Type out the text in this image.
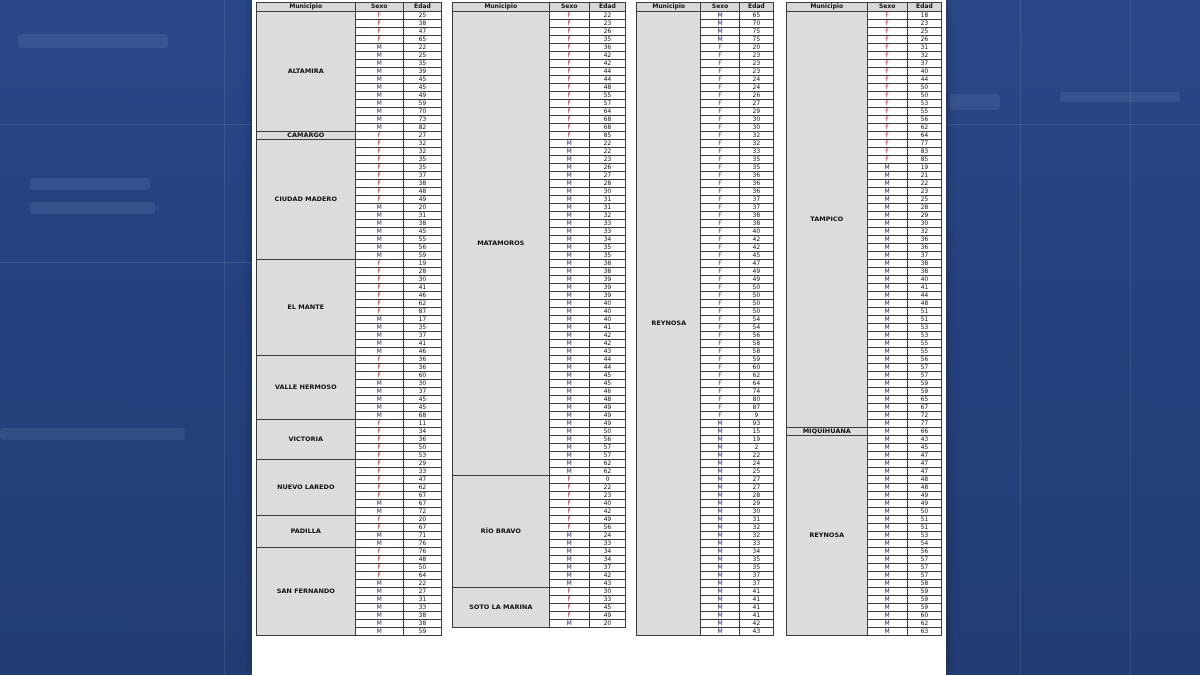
Municipio	Sexo	Edad
ALTAMIRA	F	25
	F	38
	F	47
	F	65
	M	22
	M	25
	M	35
	M	39
	M	45
	M	45
	M	49
	M	59
	M	70
	M	73
	M	82
CAMARGO	F	27
CIUDAD MADERO	F	32
	F	32
	F	35
	F	35
	F	37
	F	38
	F	48
	F	49
	M	20
	M	31
	M	38
	M	45
	M	55
	M	56
	M	59
EL MANTE	F	19
	F	28
	F	30
	F	41
	F	46
	F	62
	F	87
	M	17
	M	35
	M	37
	M	41
	M	46
VALLE HERMOSO	F	36
	F	36
	F	60
	M	30
	M	37
	M	45
	M	45
	M	68
VICTORIA	F	11
	F	34
	F	36
	F	50
	F	53
NUEVO LAREDO	F	29
	F	33
	F	47
	F	62
	F	67
	M	67
	M	72
PADILLA	F	20
	F	67
	M	71
	M	76
SAN FERNANDO	F	76
	F	48
	F	50
	F	64
	M	22
	M	27
	M	31
	M	33
	M	38
	M	38
	M	59
Municipio	Sexo	Edad
MATAMOROS	F	22
	F	23
	F	26
	F	35
	F	36
	F	42
	F	42
	F	44
	F	44
	F	48
	F	55
	F	57
	F	64
	F	68
	F	68
	F	85
	M	22
	M	22
	M	23
	M	26
	M	27
	M	28
	M	30
	M	31
	M	31
	M	32
	M	33
	M	33
	M	34
	M	35
	M	35
	M	38
	M	38
	M	39
	M	39
	M	39
	M	40
	M	40
	M	40
	M	41
	M	42
	M	42
	M	43
	M	44
	M	44
	M	45
	M	45
	M	46
	M	48
	M	49
	M	49
	M	49
	M	50
	M	56
	M	57
	M	57
	M	62
	M	62
RÍO BRAVO	F	0
	F	22
	F	23
	F	40
	F	42
	F	49
	F	56
	M	24
	M	33
	M	34
	M	34
	M	37
	M	42
	M	43
SOTO LA MARINA	F	30
	F	33
	F	45
	F	49
	M	20
Municipio	Sexo	Edad
REYNOSA	M	65
	M	70
	M	75
	M	75
	F	20
	F	23
	F	23
	F	23
	F	24
	F	24
	F	26
	F	27
	F	29
	F	30
	F	30
	F	32
	F	32
	F	33
	F	35
	F	35
	F	36
	F	36
	F	36
	F	37
	F	37
	F	38
	F	38
	F	40
	F	42
	F	42
	F	45
	F	47
	F	49
	F	49
	F	50
	F	50
	F	50
	F	50
	F	54
	F	54
	F	56
	F	58
	F	58
	F	59
	F	60
	F	62
	F	64
	F	74
	F	80
	F	87
	F	9
	M	93
	M	15
	M	19
	M	2
	M	22
	M	24
	M	25
	M	27
	M	27
	M	28
	M	29
	M	30
	M	31
	M	32
	M	32
	M	33
	M	34
	M	35
	M	35
	M	37
	M	37
	M	41
	M	41
	M	41
	M	41
	M	42
	M	43
Municipio	Sexo	Edad
TAMPICO	F	18
	F	23
	F	25
	F	26
	F	31
	F	32
	F	37
	F	40
	F	44
	F	50
	F	50
	F	53
	F	55
	F	56
	F	62
	F	64
	F	77
	F	83
	F	85
	M	19
	M	21
	M	22
	M	23
	M	25
	M	28
	M	29
	M	30
	M	32
	M	36
	M	36
	M	37
	M	38
	M	38
	M	40
	M	41
	M	44
	M	48
	M	51
	M	51
	M	53
	M	53
	M	55
	M	55
	M	56
	M	57
	M	57
	M	59
	M	59
	M	65
	M	67
	M	72
	M	77
MIQUIHUANA	M	66
REYNOSA	M	43
	M	45
	M	47
	M	47
	M	47
	M	48
	M	48
	M	49
	M	49
	M	50
	M	51
	M	51
	M	53
	M	54
	M	56
	M	57
	M	57
	M	57
	M	58
	M	59
	M	59
	M	59
	M	60
	M	62
	M	63
